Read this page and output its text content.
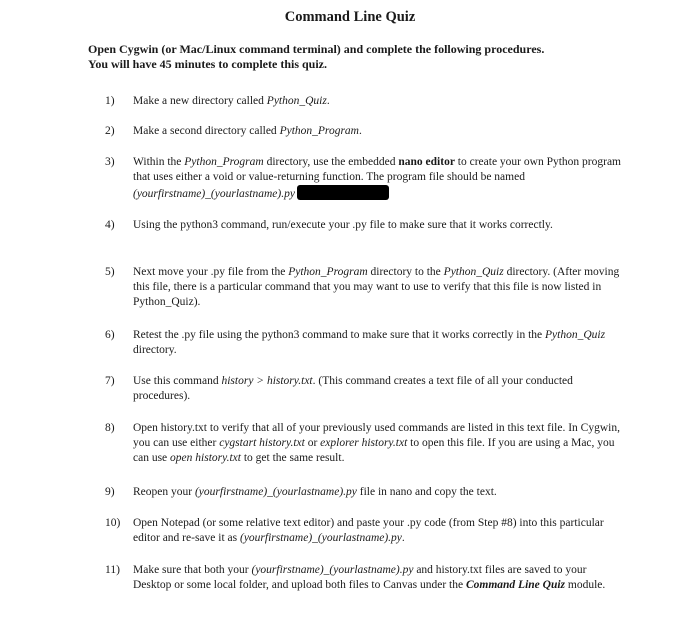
Command Line Quiz
Open Cygwin (or Mac/Linux command terminal) and complete the following procedures.
You will have 45 minutes to complete this quiz.
1) Make a new directory called Python_Quiz.
2) Make a second directory called Python_Program.
3) Within the Python_Program directory, use the embedded nano editor to create your own Python program that uses either a void or value-returning function. The program file should be named (yourfirstname)_(yourlastname).py
4) Using the python3 command, run/execute your .py file to make sure that it works correctly.
5) Next move your .py file from the Python_Program directory to the Python_Quiz directory. (After moving this file, there is a particular command that you may want to use to verify that this file is now listed in Python_Quiz).
6) Retest the .py file using the python3 command to make sure that it works correctly in the Python_Quiz directory.
7) Use this command history > history.txt. (This command creates a text file of all your conducted procedures).
8) Open history.txt to verify that all of your previously used commands are listed in this text file. In Cygwin, you can use either cygstart history.txt or explorer history.txt to open this file. If you are using a Mac, you can use open history.txt to get the same result.
9) Reopen your (yourfirstname)_(yourlastname).py file in nano and copy the text.
10) Open Notepad (or some relative text editor) and paste your .py code (from Step #8) into this particular editor and re-save it as (yourfirstname)_(yourlastname).py.
11) Make sure that both your (yourfirstname)_(yourlastname).py and history.txt files are saved to your Desktop or some local folder, and upload both files to Canvas under the Command Line Quiz module.
